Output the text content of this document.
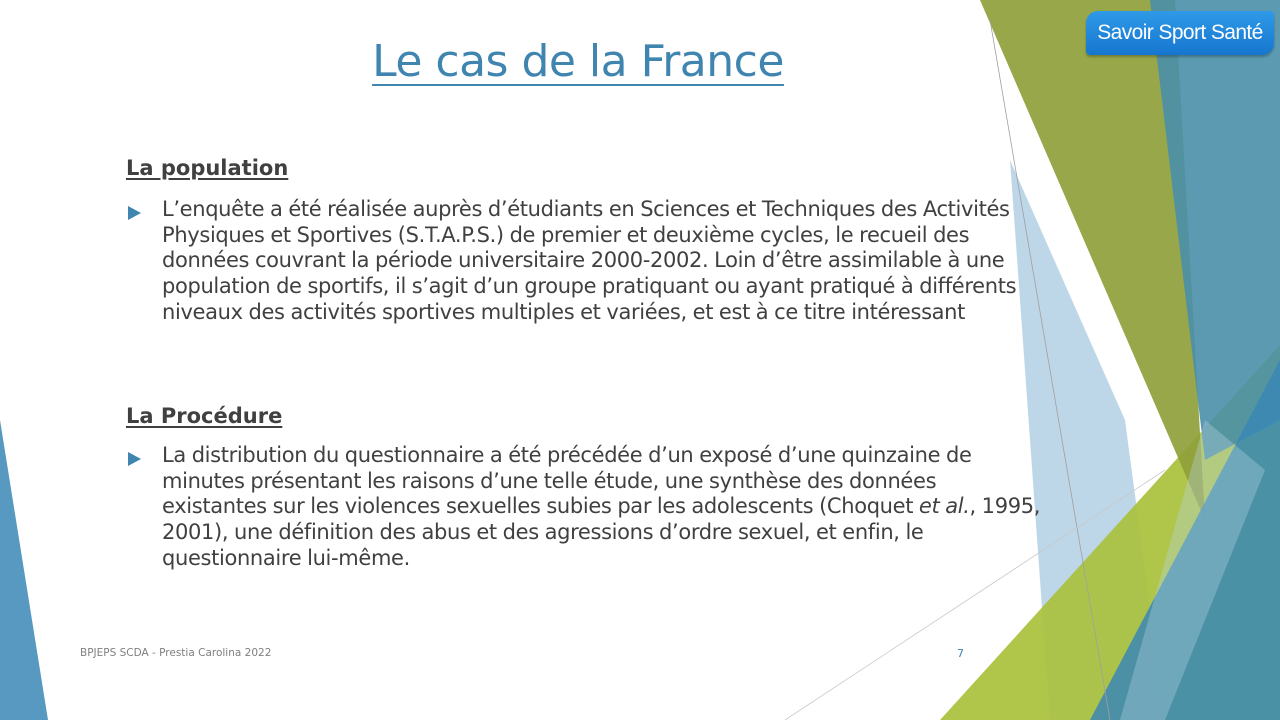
Savoir Sport Santé
Le cas de la France
La population
L’enquête a été réalisée auprès d’étudiants en Sciences et Techniques des Activités Physiques et Sportives (S.T.A.P.S.) de premier et deuxième cycles, le recueil des données couvrant la période universitaire 2000-2002. Loin d’être assimilable à une population de sportifs, il s’agit d’un groupe pratiquant ou ayant pratiqué à différents niveaux des activités sportives multiples et variées, et est à ce titre intéressant
La Procédure
La distribution du questionnaire a été précédée d’un exposé d’une quinzaine de minutes présentant les raisons d’une telle étude, une synthèse des données existantes sur les violences sexuelles subies par les adolescents (Choquet et al., 1995, 2001), une définition des abus et des agressions d’ordre sexuel, et enfin, le questionnaire lui-même.
BPJEPS SCDA - Prestia Carolina 2022	7
